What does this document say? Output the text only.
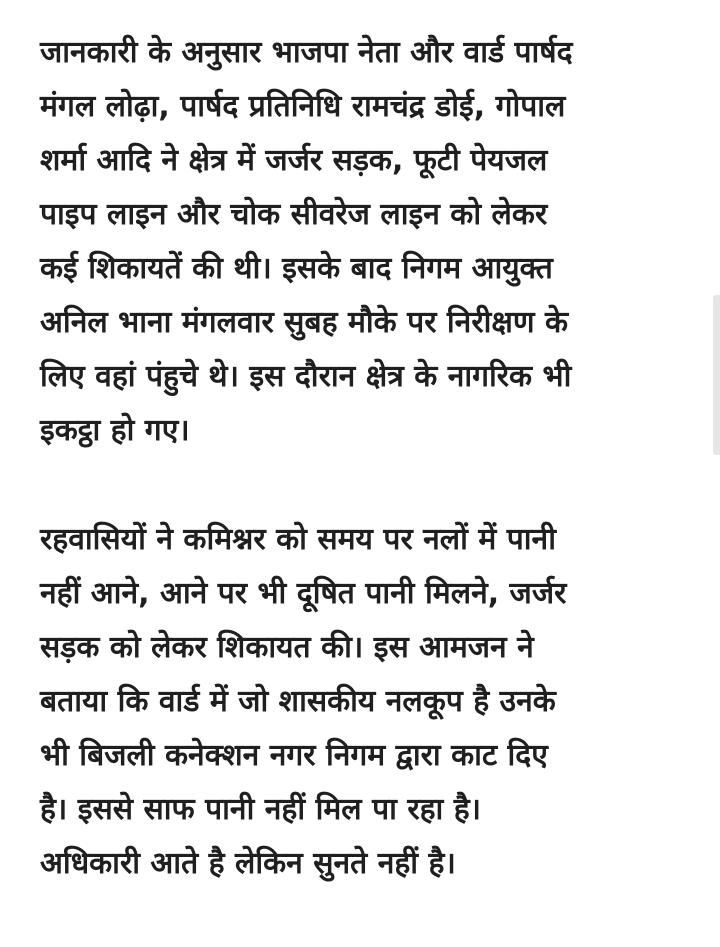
जानकारी के अनुसार भाजपा नेता और वार्ड पार्षद
मंगल लोढ़ा, पार्षद प्रतिनिधि रामचंद्र डोई, गोपाल
शर्मा आदि ने क्षेत्र में जर्जर सड़क, फूटी पेयजल
पाइप लाइन और चोक सीवरेज लाइन को लेकर
कई शिकायतें की थी। इसके बाद निगम आयुक्त
अनिल भाना मंगलवार सुबह मौके पर निरीक्षण के
लिए वहां पंहुचे थे। इस दौरान क्षेत्र के नागरिक भी
इकट्ठा हो गए।

रहवासियों ने कमिश्नर को समय पर नलों में पानी
नहीं आने, आने पर भी दूषित पानी मिलने, जर्जर
सड़क को लेकर शिकायत की। इस आमजन ने
बताया कि वार्ड में जो शासकीय नलकूप है उनके
भी बिजली कनेक्शन नगर निगम द्वारा काट दिए
है। इससे साफ पानी नहीं मिल पा रहा है।
अधिकारी आते है लेकिन सुनते नहीं है।
